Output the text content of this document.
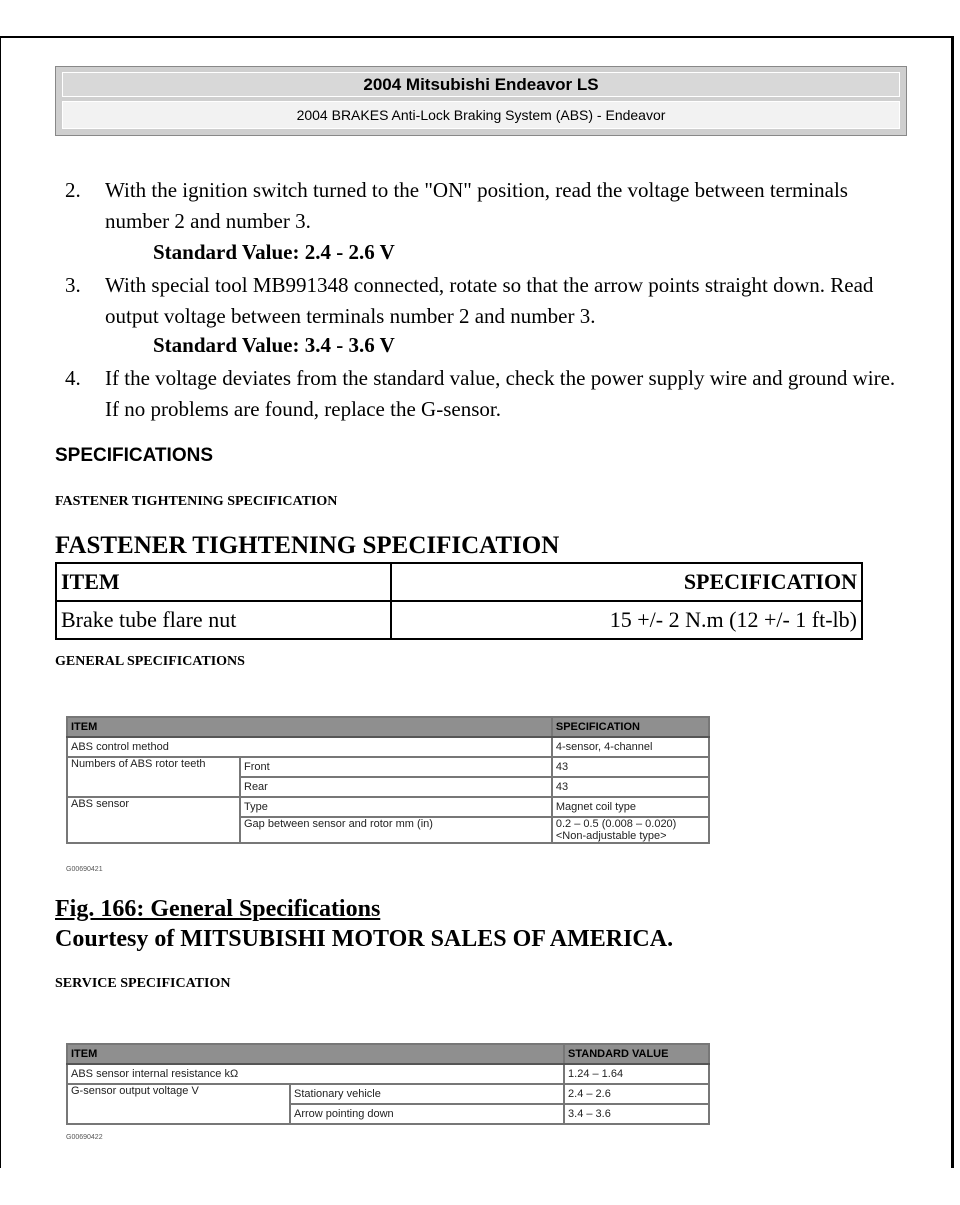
2004 Mitsubishi Endeavor LS
2004 BRAKES Anti-Lock Braking System (ABS) - Endeavor
2. With the ignition switch turned to the "ON" position, read the voltage between terminals number 2 and number 3.
Standard Value: 2.4 - 2.6 V
3. With special tool MB991348 connected, rotate so that the arrow points straight down. Read output voltage between terminals number 2 and number 3.
Standard Value: 3.4 - 3.6 V
4. If the voltage deviates from the standard value, check the power supply wire and ground wire. If no problems are found, replace the G-sensor.
SPECIFICATIONS
FASTENER TIGHTENING SPECIFICATION
FASTENER TIGHTENING SPECIFICATION
ITEM	SPECIFICATION
Brake tube flare nut	15 +/- 2 N.m (12 +/- 1 ft-lb)
GENERAL SPECIFICATIONS
ITEM		SPECIFICATION
ABS control method		4-sensor, 4-channel
Numbers of ABS rotor teeth	Front	43
	Rear	43
ABS sensor	Type	Magnet coil type
	Gap between sensor and rotor mm (in)	0.2 – 0.5 (0.008 – 0.020)
<Non-adjustable type>
G00690421
Fig. 166: General Specifications
Courtesy of MITSUBISHI MOTOR SALES OF AMERICA.
SERVICE SPECIFICATION
ITEM		STANDARD VALUE
ABS sensor internal resistance kΩ		1.24 – 1.64
G-sensor output voltage V	Stationary vehicle	2.4 – 2.6
	Arrow pointing down	3.4 – 3.6
G00690422
